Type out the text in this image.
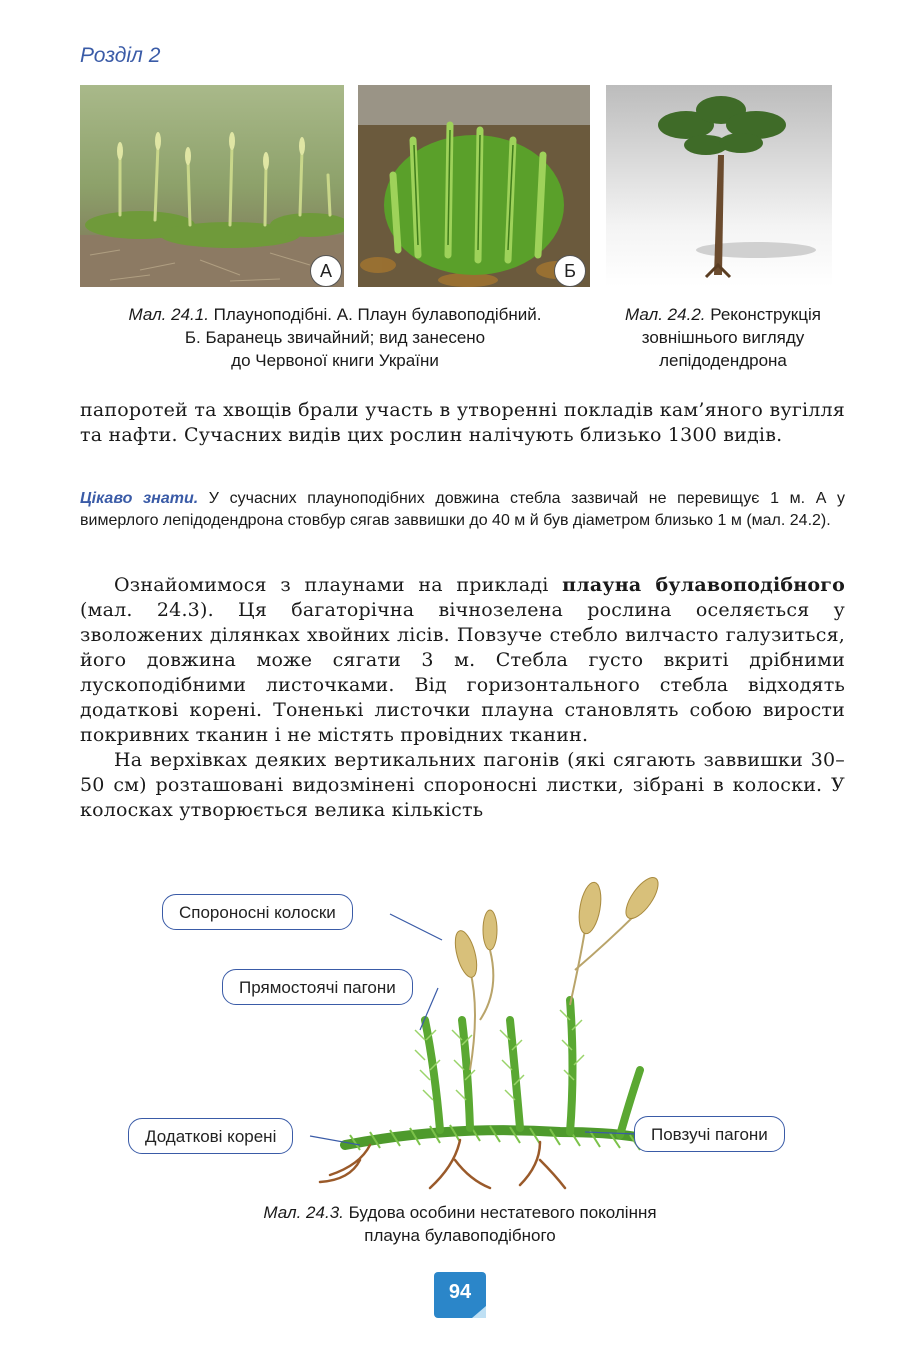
Розділ 2
А	Б
Мал. 24.1. Плауноподібні. А. Плаун булавоподібний.
Б. Баранець звичайний; вид занесено
до Червоної книги України
Мал. 24.2. Реконструкція
зовнішнього вигляду
лепідодендрона

папоротей та хвощів брали участь в утворенні покладів кам’яного вугілля та нафти. Сучасних видів цих рослин налічують близько 1300 видів.

Цікаво знати. У сучасних плауноподібних довжина стебла зазвичай не перевищує 1 м. А у вимерлого лепідодендрона стовбур сягав заввишки до 40 м й був діаметром близько 1 м (мал. 24.2).

Ознайомимося з плаунами на прикладі плауна булавоподібного (мал. 24.3). Ця багаторічна вічнозелена рослина оселяється у зволожених ділянках хвойних лісів. Повзуче стебло вилчасто галузиться, його довжина може сягати 3 м. Стебла густо вкриті дрібними лускоподібними листочками. Від горизонтального стебла відходять додаткові корені. Тоненькі листочки плауна становлять собою вирости покривних тканин і не містять провідних тканин.

На верхівках деяких вертикальних пагонів (які сягають заввишки 30–50 см) розташовані видозмінені спороносні листки, зібрані в колоски. У колосках утворюється велика кількість

Спороносні колоски
Прямостоячі пагони
Додаткові корені	Повзучі пагони
Мал. 24.3. Будова особини нестатевого покоління
плауна булавоподібного
94
